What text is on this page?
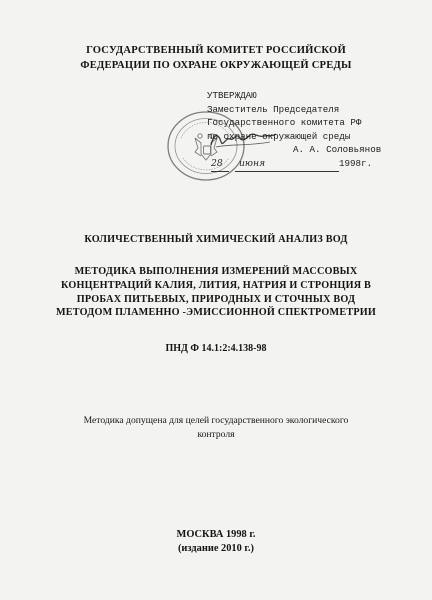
ГОСУДАРСТВЕННЫЙ КОМИТЕТ РОССИЙСКОЙ
ФЕДЕРАЦИИ ПО ОХРАНЕ ОКРУЖАЮЩЕЙ СРЕДЫ
УТВЕРЖДАЮ
Заместитель Председателя
Государственного комитета РФ
по охране окружающей среды
А. А. Соловьянов
28 июня	1998г.
КОЛИЧЕСТВЕННЫЙ ХИМИЧЕСКИЙ АНАЛИЗ ВОД
МЕТОДИКА ВЫПОЛНЕНИЯ ИЗМЕРЕНИЙ МАССОВЫХ
КОНЦЕНТРАЦИЙ КАЛИЯ, ЛИТИЯ, НАТРИЯ И СТРОНЦИЯ В
ПРОБАХ ПИТЬЕВЫХ, ПРИРОДНЫХ И СТОЧНЫХ ВОД
МЕТОДОМ ПЛАМЕННО -ЭМИССИОННОЙ СПЕКТРОМЕТРИИ
ПНД Ф 14.1:2:4.138-98
Методика допущена для целей государственного экологического
контроля
МОСКВА 1998 г.
(издание 2010 г.)
